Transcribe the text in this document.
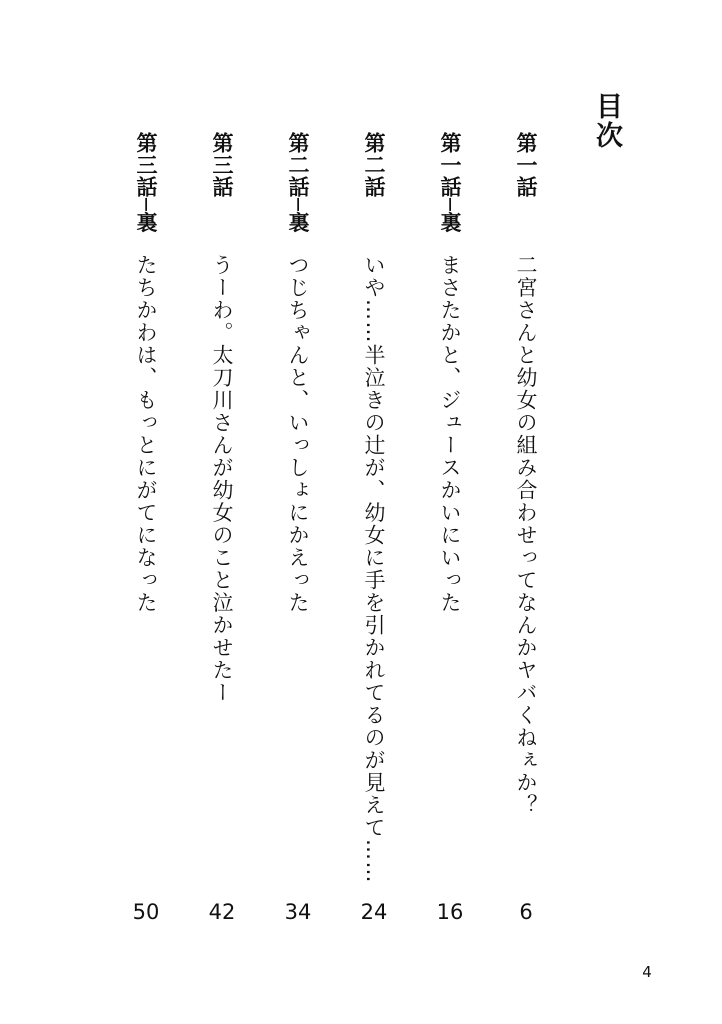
目次
第一話
二宮さんと幼女の組み合わせってなんかヤバくねぇか？
6
第一話─裏
まさたかと、ジュースかいにいった
16
第二話
いや……半泣きの辻が、幼女に手を引かれてるのが見えて……
24
第二話─裏
つじちゃんと、いっしょにかえった
34
第三話
うーわ。太刀川さんが幼女のこと泣かせたー
42
第三話─裏
たちかわは、もっとにがてになった
50
4
